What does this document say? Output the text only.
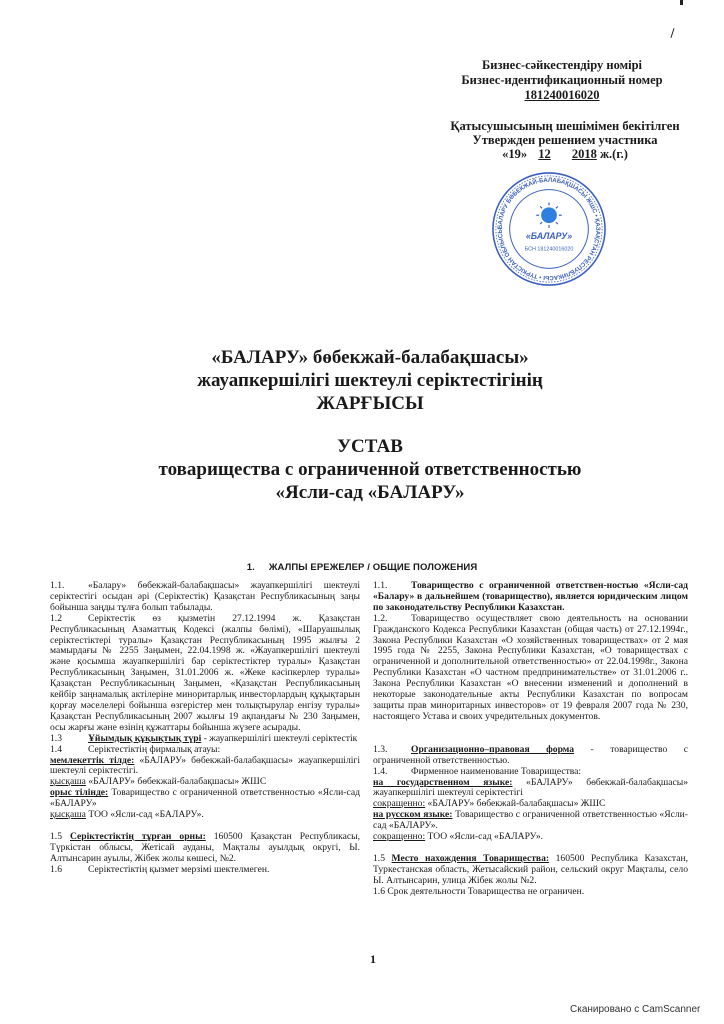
Бизнес-сәйкестендіру номірі
Бизнес-идентификационный номер
181240016020
Қатысушысының шешімімен бекітілген
Утвержден решением участника
«19» 12 2018 ж.(г.)
БАЛАРУ БӨБЕКЖАЙ-БАЛАБАҚШАСЫ ЖШС • ҚАЗАҚСТАН РЕСПУБЛИКАСЫ • ТҮРКІСТАН ОБЛЫСЫ
«БАЛАРУ»
БСН 181240016020
«БАЛАРУ» бөбекжай-балабақшасы»
жауапкершілігі шектеулі серіктестігінің
ЖАРҒЫСЫ
УСТАВ
товарищества с ограниченной ответственностью
«Ясли-сад «БАЛАРУ»
1. ЖАЛПЫ ЕРЕЖЕЛЕР / ОБЩИЕ ПОЛОЖЕНИЯ

1.1. «Балару» бөбекжай-балабақшасы» жауапкершілігі шектеулі серіктестігі осыдан әрі (Серіктестік) Қазақстан Республикасының заңы бойынша заңды тұлға болып табылады.

1.2	Серіктестік өз қызметін 27.12.1994 ж. Қазақстан Республикасының Азаматтық Кодексі (жалпы бөлімі), «Шаруашылық серіктестіктері туралы» Қазақстан Республикасының 1995 жылғы 2 мамырдағы № 2255 Заңымен, 22.04.1998 ж. «Жауапкершілігі шектеулі және қосымша жауапкершілігі бар серіктестіктер туралы» Қазақстан Республикасының Заңымен, 31.01.2006 ж. «Жеке кәсіпкерлер туралы» Қазақстан Республикасының Заңымен, «Қазақстан Республикасының кейбір заңнамалық актілеріне миноритарлық инвесторлардың құқықтарын қорғау мәселелері бойынша өзгерістер мен толықтырулар енгізу туралы» Қазақстан Республикасының 2007 жылғы 19 ақпандағы № 230 Заңымен, осы жарғы және өзінің құжаттары бойынша жүзеге асырады.

1.3	Ұйымдық құқықтық түрі - жауапкершілігі шектеулі серіктестік

1.4	Серіктестіктің фирмалық атауы:

мемлекеттік тілде: «БАЛАРУ» бөбекжай-балабақшасы» жауапкершілігі шектеулі серіктестігі.

қысқаша «БАЛАРУ» бөбекжай-балабақшасы» ЖШС

орыс тілінде: Товарищество с ограниченной ответственностью «Ясли-сад «БАЛАРУ»

қысқаша ТОО «Ясли-сад «БАЛАРУ».

1.5 Серіктестіктің тұрған орны: 160500 Қазақстан Республикасы, Түркістан облысы, Жетісай ауданы, Мақталы ауылдық округі, Ы. Алтынсарин ауылы, Жібек жолы көшесі, №2.

1.6	Серіктестіктің қызмет мерзімі шектелмеген.

1.1. Товарищество с ограниченной ответствен-ностью «Ясли-сад «Балару» в дальнейшем (товарищество), является юридическим лицом по законодательству Республики Казахстан.

1.2. Товарищество осуществляет свою деятельность на основании Гражданского Кодекса Республики Казахстан (общая часть) от 27.12.1994г., Закона Республики Казахстан «О хозяйственных товариществах» от 2 мая 1995 года № 2255, Закона Республики Казахстан, «О товариществах с ограниченной и дополнительной ответственностью» от 22.04.1998г., Закона Республики Казахстан «О частном предпринимательстве» от 31.01.2006 г.. Закона Республики Казахстан «О внесении изменений и дополнений в некоторые законодательные акты Республики Казахстан по вопросам защиты прав миноритарных инвесторов» от 19 февраля 2007 года № 230, настоящего Устава и своих учредительных документов.

1.3. Организационно–правовая форма - товарищество с ограниченной ответственностью.

1.4. Фирменное наименование Товарищества:

на государственном языке: «БАЛАРУ» бөбекжай-балабақшасы» жауапкершілігі шектеулі серіктестігі

сокращенно: «БАЛАРУ» бөбекжай-балабақшасы» ЖШС

на русском языке: Товарищество с ограниченной ответственностью «Ясли-сад «БАЛАРУ».

сокращенно: ТОО «Ясли-сад «БАЛАРУ».

1.5 Место нахождения Товарищества: 160500 Республика Казахстан, Туркестанская область, Жетысайский район, сельский округ Мақталы, село Ы. Алтынсарин, улица Жібек жолы №2.

1.6 Срок деятельности Товарищества не ограничен.

1
Сканировано с CamScanner
